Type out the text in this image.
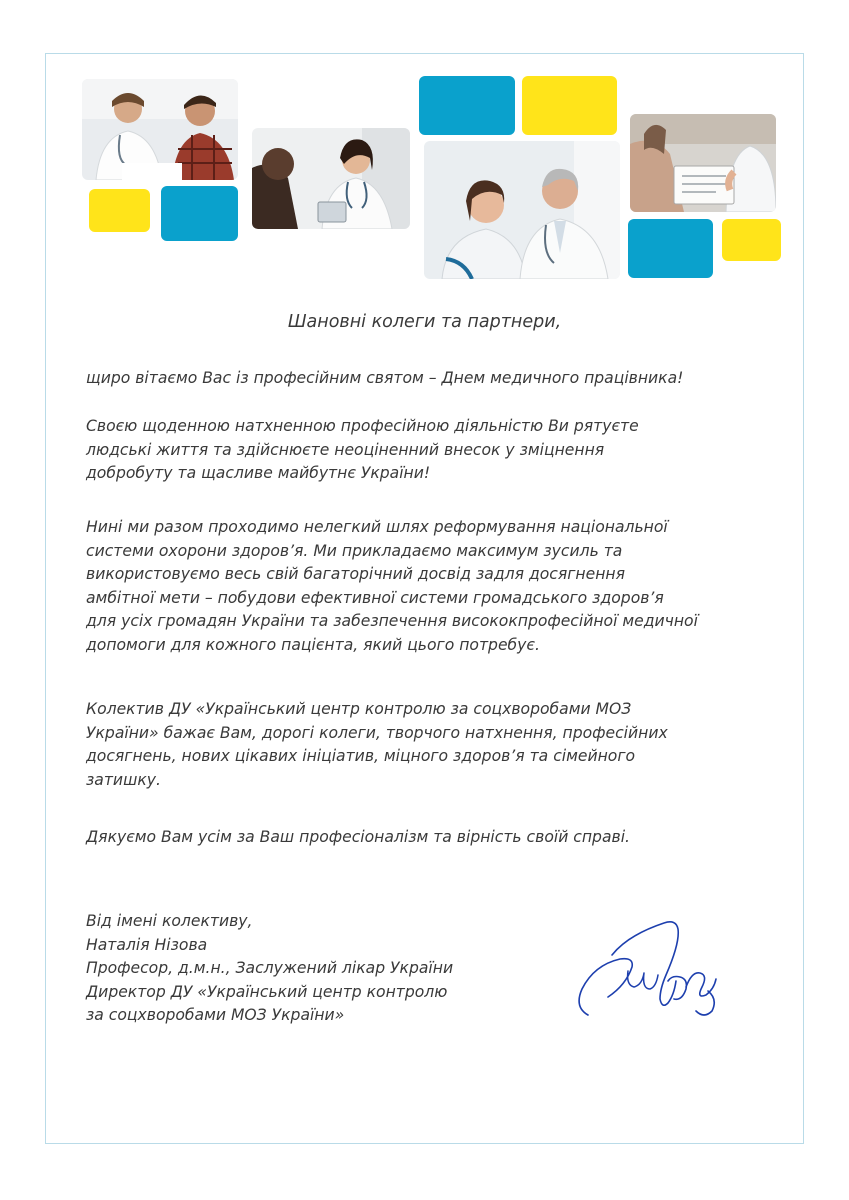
Шановні колеги та партнери,

щиро вітаємо Вас із професійним святом – Днем медичного працівника!

Своєю щоденною натхненною професійною діяльністю Ви рятуєте
людські життя та здійснюєте неоціненний внесок у зміцнення
добробуту та щасливе майбутнє України!

Нині ми разом проходимо нелегкий шлях реформування національної
системи охорони здоров’я. Ми прикладаємо максимум зусиль та
використовуємо весь свій багаторічний досвід задля досягнення
амбітної мети – побудови ефективної системи громадського здоров’я
для усіх громадян України та забезпечення висококпрофесійної медичної
допомоги для кожного пацієнта, який цього потребує.

Колектив ДУ «Український центр контролю за соцхворобами МОЗ
України» бажає Вам, дорогі колеги, творчого натхнення, професійних
досягнень, нових цікавих ініціатив, міцного здоров’я та сімейного
затишку.

Дякуємо Вам усім за Ваш професіоналізм та вірність своїй справі.

Від імені колективу,
Наталія Нізова
Професор, д.м.н., Заслужений лікар України
Директор ДУ «Український центр контролю
за соцхворобами МОЗ України»
